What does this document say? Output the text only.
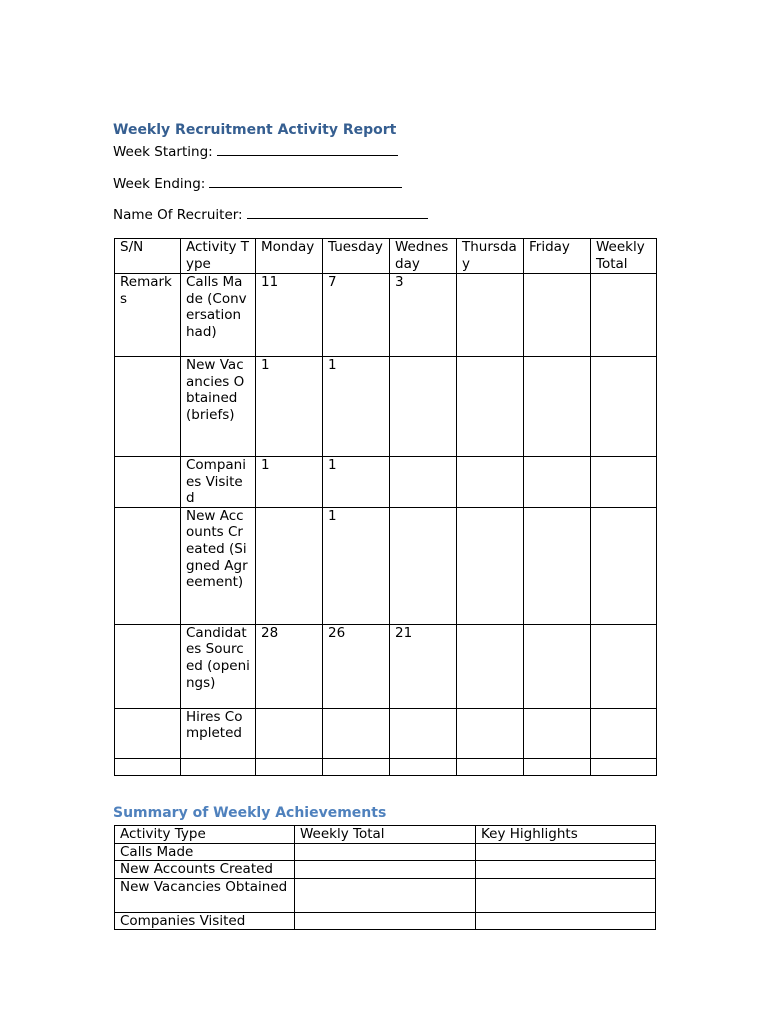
Weekly Recruitment Activity Report
Week Starting:
Week Ending:
Name Of Recruiter:
S/N	Activity Type	Monday	Tuesday	Wednesday	Thursday	Friday	Weekly Total
Remarks	Calls Made (Conversation had)	11	7	3			
	New Vacancies Obtained (briefs)	1	1				
	Companies Visited	1	1				
	New Accounts Created (Signed Agreement)		1				
	Candidates Sourced (openings)	28	26	21			
	Hires Completed						

Summary of Weekly Achievements
Activity Type	Weekly Total	Key Highlights
Calls Made		
New Accounts Created		
New Vacancies Obtained		
Companies Visited		
